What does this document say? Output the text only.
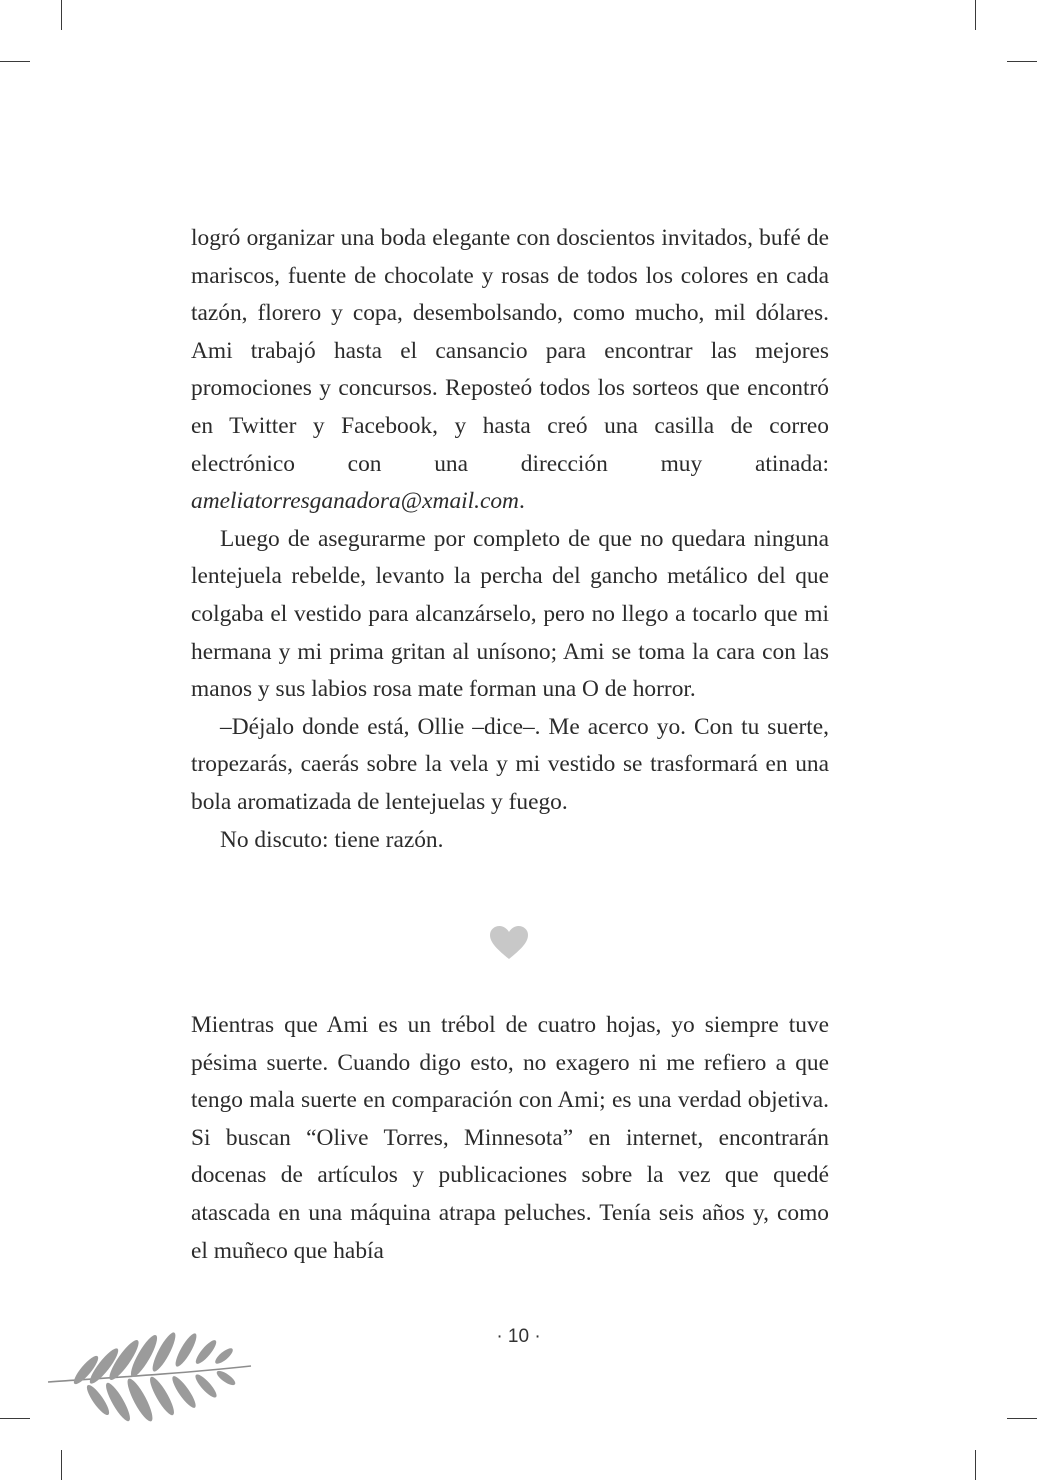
logró organizar una boda elegante con doscientos invitados, bufé de mariscos, fuente de chocolate y rosas de todos los colores en cada tazón, florero y copa, desembolsando, como mucho, mil dólares. Ami trabajó hasta el cansancio para encontrar las mejores promociones y concursos. Reposteó todos los sorteos que encontró en Twitter y Facebook, y hasta creó una casilla de correo electrónico con una dirección muy atinada: ameliatorresganadora@xmail.com.

Luego de asegurarme por completo de que no quedara ninguna lentejuela rebelde, levanto la percha del gancho metálico del que colgaba el vestido para alcanzárselo, pero no llego a tocarlo que mi hermana y mi prima gritan al unísono; Ami se toma la cara con las manos y sus labios rosa mate forman una O de horror.

–Déjalo donde está, Ollie –dice–. Me acerco yo. Con tu suerte, tropezarás, caerás sobre la vela y mi vestido se trasformará en una bola aromatizada de lentejuelas y fuego.

No discuto: tiene razón.

Mientras que Ami es un trébol de cuatro hojas, yo siempre tuve pésima suerte. Cuando digo esto, no exagero ni me refiero a que tengo mala suerte en comparación con Ami; es una verdad objetiva. Si buscan “Olive Torres, Minnesota” en internet, encontrarán docenas de artículos y publicaciones sobre la vez que quedé atascada en una máquina atrapa peluches. Tenía seis años y, como el muñeco que había

· 10 ·
